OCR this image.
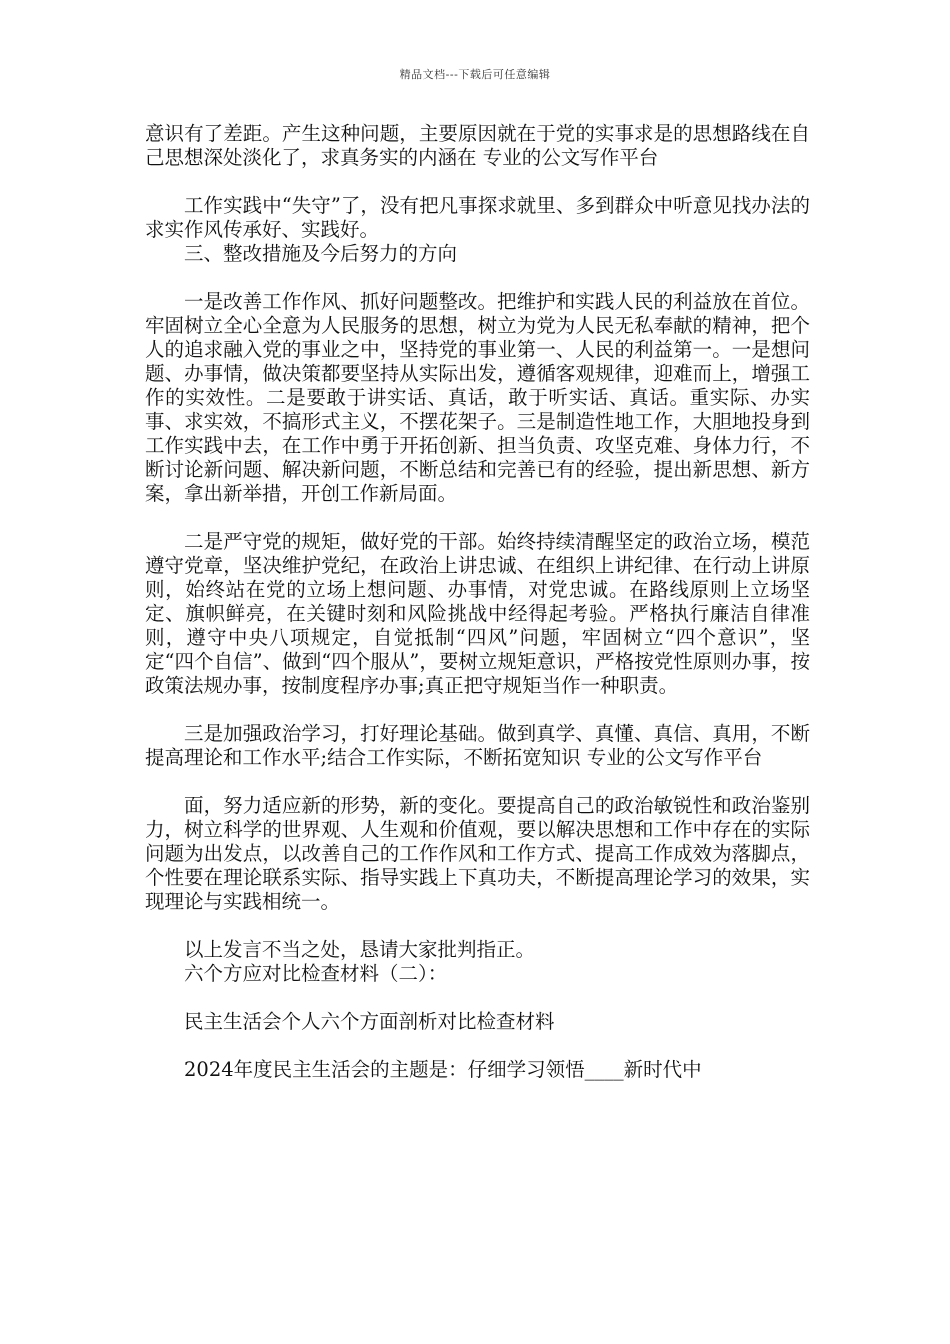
精品文档---下载后可任意编辑

意识有了差距。产生这种问题，主要原因就在于党的实事求是的思想路线在自己思想深处淡化了，求真务实的内涵在 专业的公文写作平台

工作实践中“失守”了，没有把凡事探求就里、多到群众中听意见找办法的求实作风传承好、实践好。

三、整改措施及今后努力的方向

一是改善工作作风、抓好问题整改。把维护和实践人民的利益放在首位。牢固树立全心全意为人民服务的思想，树立为党为人民无私奉献的精神，把个人的追求融入党的事业之中，坚持党的事业第一、人民的利益第一。一是想问题、办事情，做决策都要坚持从实际出发，遵循客观规律，迎难而上，增强工作的实效性。二是要敢于讲实话、真话，敢于听实话、真话。重实际、办实事、求实效，不搞形式主义，不摆花架子。三是制造性地工作，大胆地投身到工作实践中去，在工作中勇于开拓创新、担当负责、攻坚克难、身体力行，不断讨论新问题、解决新问题，不断总结和完善已有的经验，提出新思想、新方案，拿出新举措，开创工作新局面。

二是严守党的规矩，做好党的干部。始终持续清醒坚定的政治立场，模范遵守党章，坚决维护党纪，在政治上讲忠诚、在组织上讲纪律、在行动上讲原则，始终站在党的立场上想问题、办事情，对党忠诚。在路线原则上立场坚定、旗帜鲜亮，在关键时刻和风险挑战中经得起考验。严格执行廉洁自律准则，遵守中央八项规定，自觉抵制“四风”问题，牢固树立“四个意识”，坚定“四个自信”、做到“四个服从”，要树立规矩意识，严格按党性原则办事，按政策法规办事，按制度程序办事;真正把守规矩当作一种职责。

三是加强政治学习，打好理论基础。做到真学、真懂、真信、真用，不断提高理论和工作水平;结合工作实际，不断拓宽知识 专业的公文写作平台

面，努力适应新的形势，新的变化。要提高自己的政治敏锐性和政治鉴别力，树立科学的世界观、人生观和价值观，要以解决思想和工作中存在的实际问题为出发点，以改善自己的工作作风和工作方式、提高工作成效为落脚点，个性要在理论联系实际、指导实践上下真功夫，不断提高理论学习的效果，实现理论与实践相统一。

以上发言不当之处，恳请大家批判指正。

六个方应对比检查材料（二）：

民主生活会个人六个方面剖析对比检查材料

2024年度民主生活会的主题是：仔细学习领悟____新时代中
